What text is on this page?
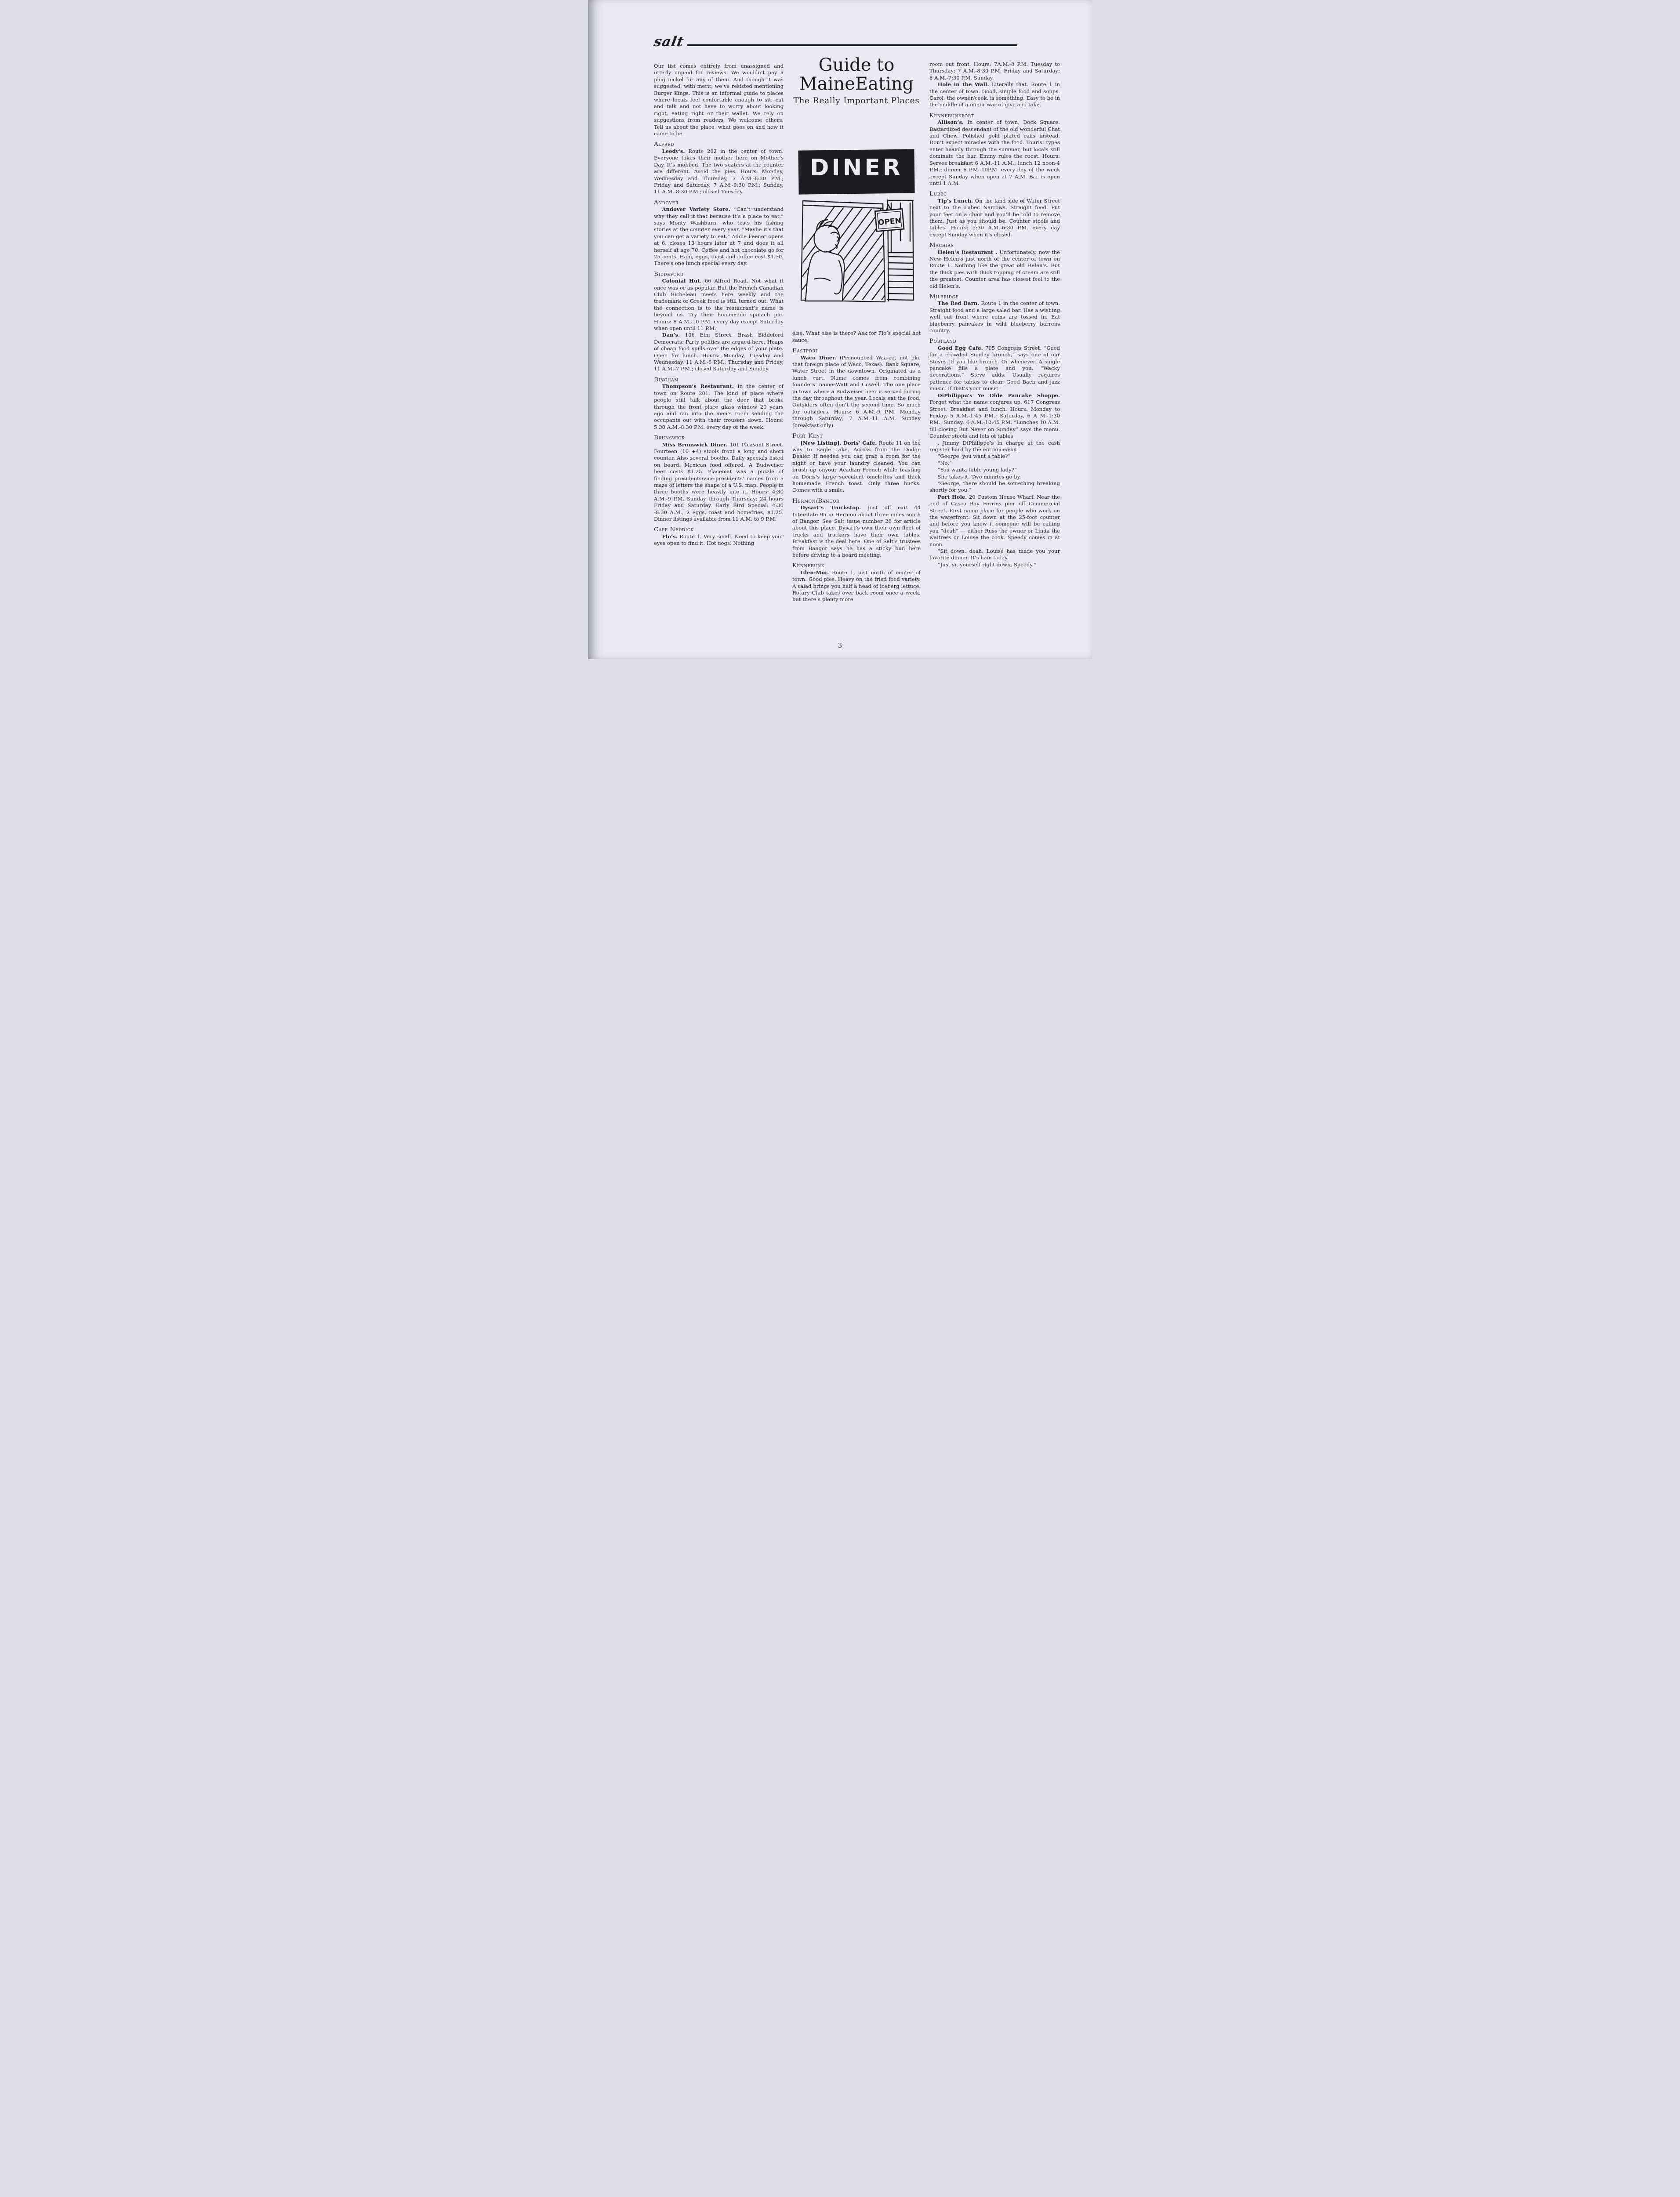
salt

Our list comes entirely from unassigned and utterly unpaid for reviews. We wouldn’t pay a plug nickel for any of them. And though it was suggested, with merit, we’ve resisted mentioning Burger Kings. This is an informal guide to places where locals feel confortable enough to sit, eat and talk and not have to worry about looking right, eating right or their wallet. We rely on suggestions from readers. We welcome others. Tell us about the place, what goes on and how it came to be.

Alfred

Leedy's. Route 202 in the center of town. Everyone takes their mother here on Mother's Day. It’s mobbed. The two seaters at the counter are different. Avoid the pies. Hours: Monday, Wednesday and Thursday, 7 A.M.-8:30 P.M.; Friday and Saturday, 7 A.M.-9:30 P.M.; Sunday, 11 A.M.-8:30 P.M.; closed Tuesday.

Andover

Andover Variety Store. “Can’t understand why they call it that because it’s a place to eat,” says Monty Washburn, who tests his fishing stories at the counter every year. “Maybe it’s that you can get a variety to eat.” Addie Feener opens at 6, closes 13 hours later at 7 and does it all herself at age 70. Coffee and hot chocolate go for 25 cents. Ham, eggs, toast and coffee cost $1.50. There’s one lunch special every day.

Biddeford

Colonial Hut. 66 Alfred Road. Not what it once was or as popular. But the French Canadian Club Richeleau meets here weekly and the trademark of Greek food is still turned out. What the connection is to the restaurant’s name is beyond us. Try their homemade spinach pie. Hours: 8 A.M.-10 P.M. every day except Saturday when open until 11 P.M.

Dan’s. 106 Elm Street. Brash Biddeford Democratic Party politics are argued here. Heaps of cheap food spills over the edges of your plate. Open for lunch. Hours: Monday, Tuesday and Wednesday, 11 A.M.-6 P.M.; Thursday and Friday, 11 A.M.-7 P.M.; closed Saturday and Sunday.

Bingham

Thompson’s Restaurant. In the center of town on Route 201. The kind of place where people still talk about the deer that broke through the front place glass window 20 years ago and ran into the men’s room sending the occupants out with their trousers down. Hours: 5:30 A.M.-8:30 P.M. every day of the week.

Brunswick

Miss Brunswick Diner. 101 Pleasant Street. Fourteen (10 +4) stools front a long and short counter. Also several booths. Daily specials listed on board. Mexican food offered. A Budweiser beer costs $1.25. Placemat was a puzzle of finding presidents/vice-presidents’ names from a maze of letters the shape of a U.S. map. People in three booths were heavily into it. Hours: 4:30 A.M.-9 P.M. Sunday through Thursday; 24 hours Friday and Saturday. Early Bird Special: 4:30 -8:30 A.M., 2 eggs, toast and homefries, $1.25. Dinner listings available from 11 A.M. to 9 P.M.

Cape Neddick

Flo’s. Route 1. Very small. Need to keep your eyes open to find it. Hot dogs. Nothing

Guide to
MaineEating
The Really Important Places
DINER
OPEN

else. What else is there? Ask for Flo’s special hot sauce.

Eastport

Waco Diner. (Pronounced Waa-co, not like that foreign place of Waco, Texas). Bank Square, Water Street in the downtown. Originated as a lunch cart. Name comes from combining founders’ namesWatt and Cowell. The one place in town where a Budweiser beer is served during the day throughout the year. Locals eat the food. Outsiders often don’t the second time. So much for outsiders. Hours: 6 A.M.-9 P.M. Monday through Saturday; 7 A.M.-11 A.M. Sunday (breakfast only).

Fort Kent

[New Listing]. Doris’ Cafe. Route 11 on the way to Eagle Lake. Across from the Dodge Dealer. If needed you can grab a room for the night or have your laundry cleaned. You can brush up onyour Acadian French while feasting on Doris’s large succulent omelettes and thick homemade French toast. Only three bucks. Comes with a smile.

Hermon/Bangor

Dysart’s Truckstop. Just off exit 44 Interstate 95 in Hermon about three miles south of Bangor. See Salt issue number 28 for article about this place. Dysart’s own their own fleet of trucks and truckers have their own tables. Breakfast is the deal here. One of Salt’s trustees from Bangor says he has a sticky bun here before driving to a board meeting.

Kennebunk

Glen-Mor. Route 1, just north of center of town. Good pies. Heavy on the fried food variety. A salad brings you half a head of iceberg lettuce. Rotary Club takes over back room once a week, but there’s plenty more

room out front. Hours: 7A.M.-8 P.M. Tuesday to Thursday; 7 A.M.-8:30 P.M. Friday and Saturday; 8 A.M.-7:30 P.M. Sunday.

Hole in the Wall. Literally that. Route 1 in the center of town. Good, simple food and soups. Carol, the owner/cook, is something. Easy to be in the middle of a minor war of give and take.

Kennebunkport

Allison’s. In center of town, Dock Square. Bastardized descendant of the old wonderful Chat and Chew. Polished gold plated rails instead. Don’t expect miracles with the food. Tourist types enter heavily through the summer, but locals still dominate the bar. Emmy rules the roost. Hours: Serves breakfast 6 A.M.-11 A.M.; lunch 12 noon-4 P.M.; dinner 6 P.M.-10P.M. every day of the week except Sunday when open at 7 A.M. Bar is open until 1 A.M.

Lubec

Tip’s Lunch. On the land side of Water Street next to the Lubec Narrows. Straight food. Put your feet on a chair and you’ll be told to remove them. Just as you should be. Counter stools and tables. Hours: 5:30 A.M.-6:30 P.M. every day except Sunday when it’s closed.

Machias

Helen’s Restaurant . Unfortunately, now the New Helen’s just north of the center of town on Route 1. Nothing like the great old Helen’s. But the thick pies with thick topping of cream are still the greatest. Counter area has closest feel to the old Helen’s.

Milbridge

The Red Barn. Route 1 in the center of town. Straight food and a large salad bar. Has a wishing well out front where coins are tossed in. Eat blueberry pancakes in wild blueberry barrens country.

Portland

Good Egg Cafe. 705 Congress Street. “Good for a crowded Sunday brunch,” says one of our Steves. If you like brunch. Or whenever. A single pancake fills a plate and you. “Wacky decorations,” Steve adds. Usually requires patience for tables to clear. Good Bach and jazz music. If that’s your music.

DiPhilippo’s Ye Olde Pancake Shoppe. Forget what the name conjures up. 617 Congress Street. Breakfast and lunch. Hours: Monday to Friday, 5 A.M.-1:45 P.M.; Saturday, 6 A M.-1:30 P.M.; Sunday: 6 A.M.-12:45 P.M. “Lunches 10 A.M. till closing But Never on Sunday” says the menu. Counter stools and lots of tables

. Jimmy DiPhilippo’s in charge at the cash register hard by the entrance/exit.

“George, you want a table?”

“No.”

“You wanta table young lady?”

She takes it. Two minutes go by.

“George, there should be something breaking shortly for you.”

Port Hole. 20 Custom House Wharf. Near the end of Casco Bay Ferries pier off Commercial Street. First name place for people who work on the waterfront. Sit down at the 25-foot counter and before you know it someone will be calling you “deah” — either Russ the owner or Linda the waitress or Louise the cook. Speedy comes in at noon.

“Sit down, deah. Louise has made you your favorite dinner. It’s ham today.

“Just sit yourself right down, Speedy.”

3
